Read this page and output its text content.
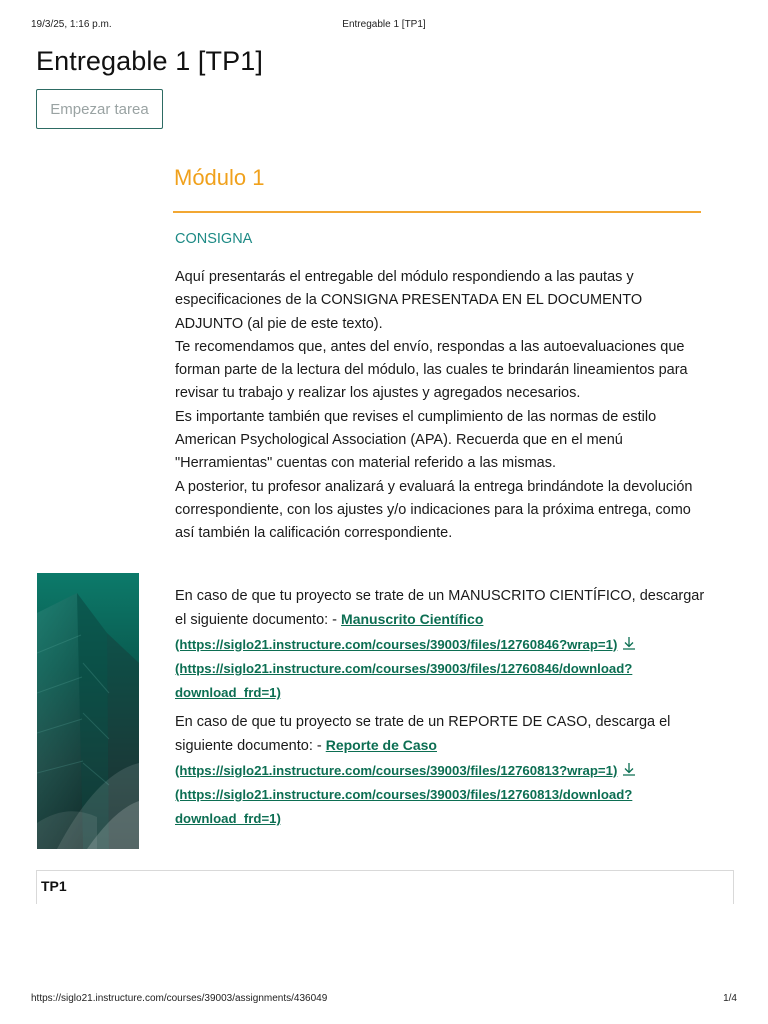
19/3/25, 1:16 p.m.	Entregable 1 [TP1]
Entregable 1 [TP1]
Empezar tarea
Módulo 1
CONSIGNA
Aquí presentarás el entregable del módulo respondiendo a las pautas y especificaciones de la CONSIGNA PRESENTADA EN EL DOCUMENTO ADJUNTO (al pie de este texto).
Te recomendamos que, antes del envío, respondas a las autoevaluaciones que forman parte de la lectura del módulo, las cuales te brindarán lineamientos para revisar tu trabajo y realizar los ajustes y agregados necesarios.
Es importante también que revises el cumplimiento de las normas de estilo American Psychological Association (APA). Recuerda que en el menú "Herramientas" cuentas con material referido a las mismas.
A posterior, tu profesor analizará y evaluará la entrega brindándote la devolución correspondiente, con los ajustes y/o indicaciones para la próxima entrega, como así también la calificación correspondiente.
En caso de que tu proyecto se trate de un MANUSCRITO CIENTÍFICO, descargar el siguiente documento: - Manuscrito Científico
(https://siglo21.instructure.com/courses/39003/files/12760846?wrap=1)
(https://siglo21.instructure.com/courses/39003/files/12760846/download?download_frd=1)
En caso de que tu proyecto se trate de un REPORTE DE CASO, descarga el siguiente documento: - Reporte de Caso
(https://siglo21.instructure.com/courses/39003/files/12760813?wrap=1)
(https://siglo21.instructure.com/courses/39003/files/12760813/download?download_frd=1)
TP1
https://siglo21.instructure.com/courses/39003/assignments/436049	1/4
